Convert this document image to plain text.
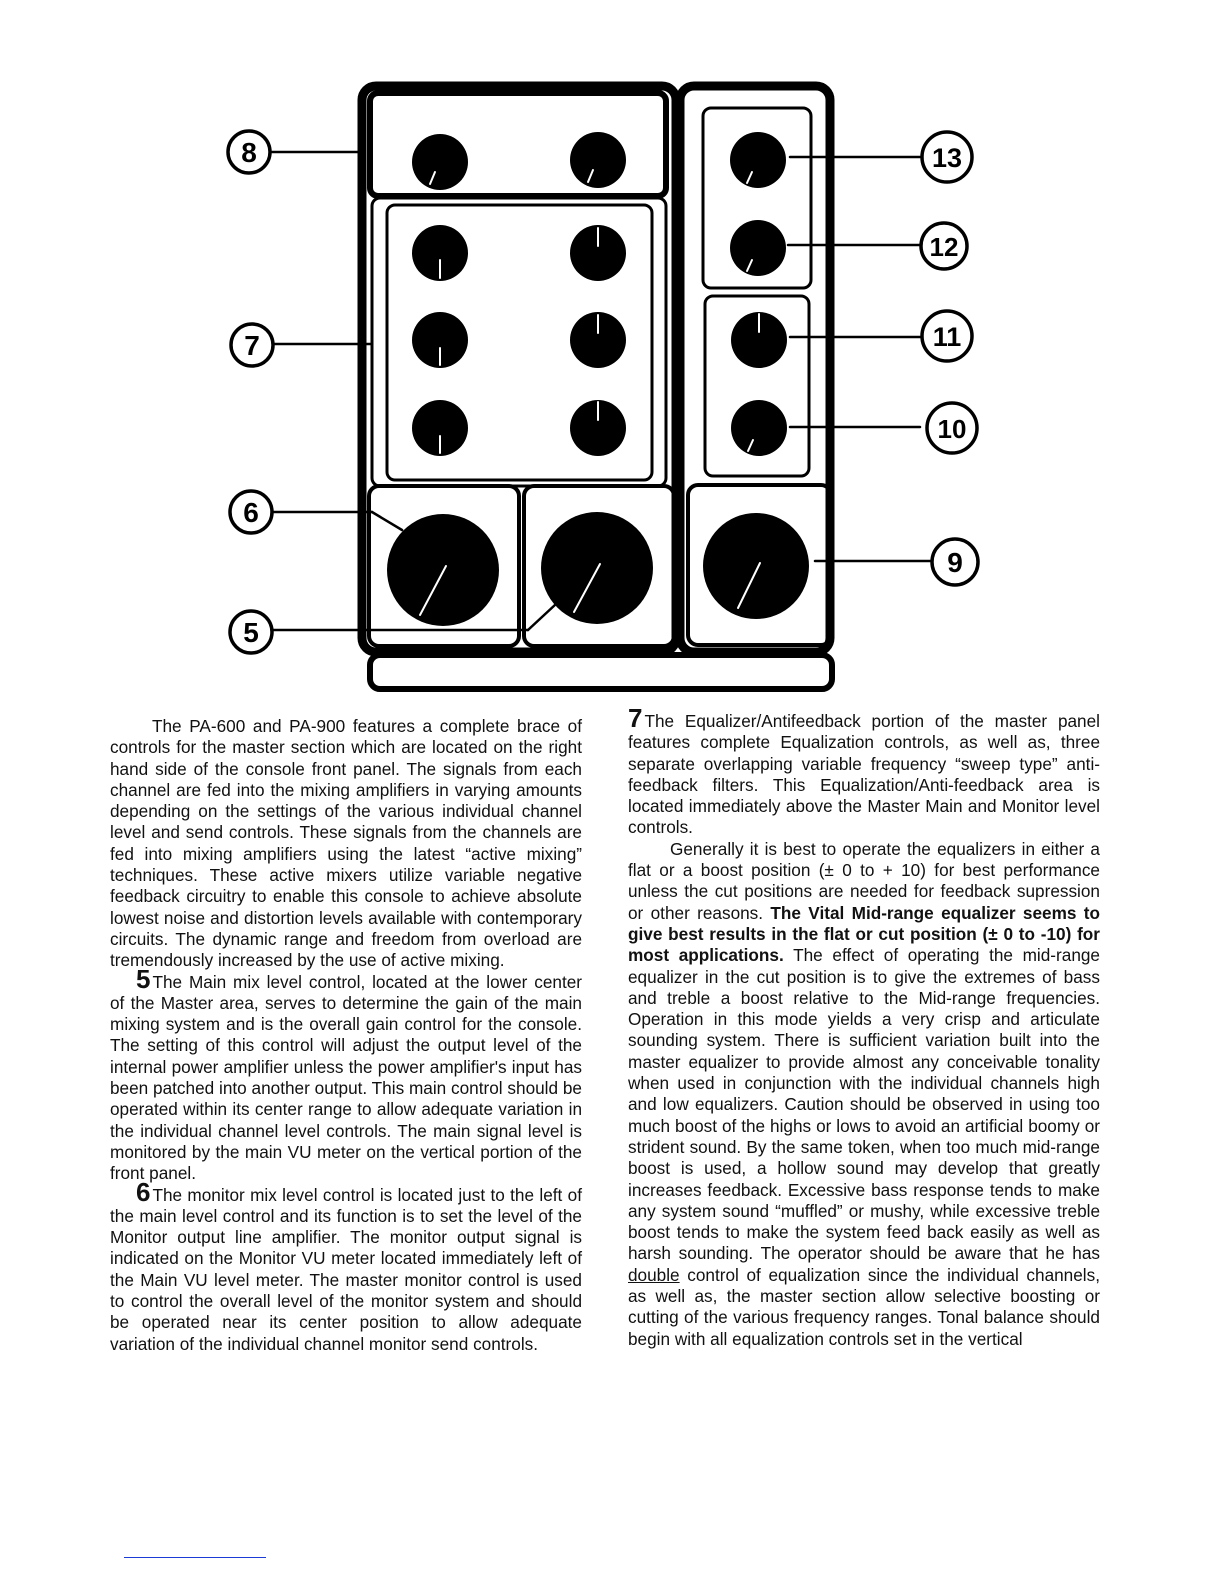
8
7
6
5
13
12
11
10
9

The PA-600 and PA-900 features a complete brace of controls for the master section which are located on the right hand side of the console front panel. The signals from each channel are fed into the mixing amplifiers in varying amounts depending on the settings of the various individual channel level and send controls. These signals from the channels are fed into mixing amplifiers using the latest “active mixing” techniques. These active mixers utilize variable negative feedback circuitry to enable this console to achieve absolute lowest noise and distortion levels available with contemporary circuits. The dynamic range and freedom from overload are tremendously increased by the use of active mixing.

5 The Main mix level control, located at the lower center of the Master area, serves to determine the gain of the main mixing system and is the overall gain control for the console. The setting of this control will adjust the output level of the internal power amplifier unless the power amplifier's input has been patched into another output. This main control should be operated within its center range to allow adequate variation in the individual channel level controls. The main signal level is monitored by the main VU meter on the vertical portion of the front panel.

6 The monitor mix level control is located just to the left of the main level control and its function is to set the level of the Monitor output line amplifier. The monitor output signal is indicated on the Monitor VU meter located immediately left of the Main VU level meter. The master monitor control is used to control the overall level of the monitor system and should be operated near its center position to allow adequate variation of the individual channel monitor send controls.

7 The Equalizer/Antifeedback portion of the master panel features complete Equalization controls, as well as, three separate overlapping variable frequency “sweep type” anti-feedback filters. This Equalization/Anti-feedback area is located immediately above the Master Main and Monitor level controls.

Generally it is best to operate the equalizers in either a flat or a boost position (± 0 to + 10) for best performance unless the cut positions are needed for feedback supression or other reasons. The Vital Mid-range equalizer seems to give best results in the flat or cut position (± 0 to -10) for most applications. The effect of operating the mid-range equalizer in the cut position is to give the extremes of bass and treble a boost relative to the Mid-range frequencies. Operation in this mode yields a very crisp and articulate sounding system. There is sufficient variation built into the master equalizer to provide almost any conceivable tonality when used in conjunction with the individual channels high and low equalizers. Caution should be observed in using too much boost of the highs or lows to avoid an artificial boomy or strident sound. By the same token, when too much mid-range boost is used, a hollow sound may develop that greatly increases feedback. Excessive bass response tends to make any system sound “muffled” or mushy, while excessive treble boost tends to make the system feed back easily as well as harsh sounding. The operator should be aware that he has double control of equalization since the individual channels, as well as, the master section allow selective boosting or cutting of the various frequency ranges. Tonal balance should begin with all equalization controls set in the vertical
